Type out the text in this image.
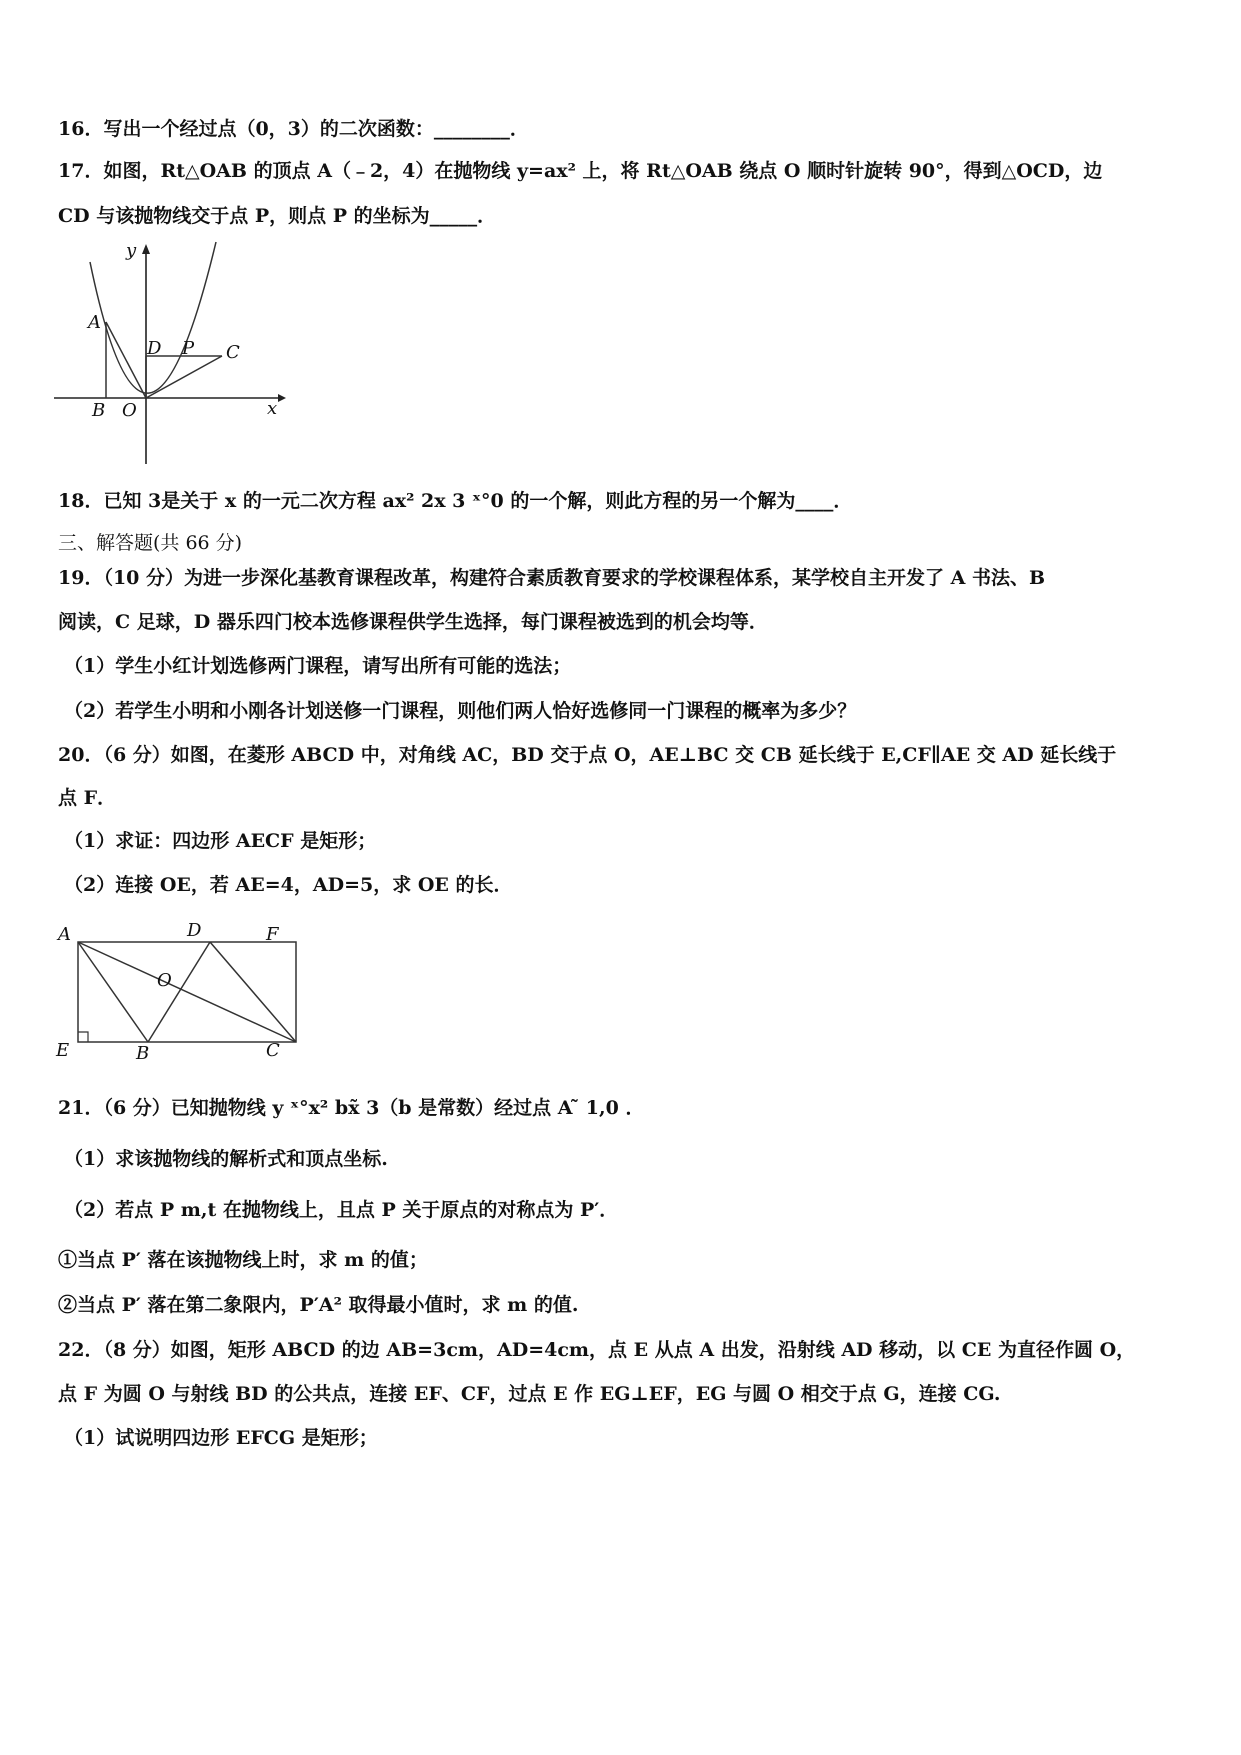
16．写出一个经过点（0，3）的二次函数：________．
17．如图，Rt△OAB 的顶点 A（﹣2，4）在抛物线 y=ax² 上，将 Rt△OAB 绕点 O 顺时针旋转 90°，得到△OCD，边
CD 与该抛物线交于点 P，则点 P 的坐标为_____．
y
x
A
B O
D P C
18．已知 3是关于 x 的一元二次方程 ax² 2x 3 ˣ°0 的一个解，则此方程的另一个解为____．
三、解答题(共 66 分)
19．（10 分）为进一步深化基教育课程改革，构建符合素质教育要求的学校课程体系，某学校自主开发了 A 书法、B
阅读，C 足球，D 器乐四门校本选修课程供学生选择，每门课程被选到的机会均等．
（1）学生小红计划选修两门课程，请写出所有可能的选法；
（2）若学生小明和小刚各计划送修一门课程，则他们两人恰好选修同一门课程的概率为多少？
20．（6 分）如图，在菱形 ABCD 中，对角线 AC，BD 交于点 O，AE⊥BC 交 CB 延长线于 E,CF∥AE 交 AD 延长线于
点 F．
（1）求证：四边形 AECF 是矩形；
（2）连接 OE，若 AE=4，AD=5，求 OE 的长．
A	D	F
O
E	B	C
21．（6 分）已知抛物线 y ˣ°x² bx̃ 3（b 是常数）经过点 A ̃ 1,0 ．
（1）求该抛物线的解析式和顶点坐标.
（2）若点 P m,t 在抛物线上，且点 P 关于原点的对称点为 P′．
①当点 P′ 落在该抛物线上时，求 m 的值；
②当点 P′ 落在第二象限内，P′A² 取得最小值时，求 m 的值.
22．（8 分）如图，矩形 ABCD 的边 AB=3cm，AD=4cm，点 E 从点 A 出发，沿射线 AD 移动，以 CE 为直径作圆 O，
点 F 为圆 O 与射线 BD 的公共点，连接 EF、CF，过点 E 作 EG⊥EF，EG 与圆 O 相交于点 G，连接 CG.
（1）试说明四边形 EFCG 是矩形；
